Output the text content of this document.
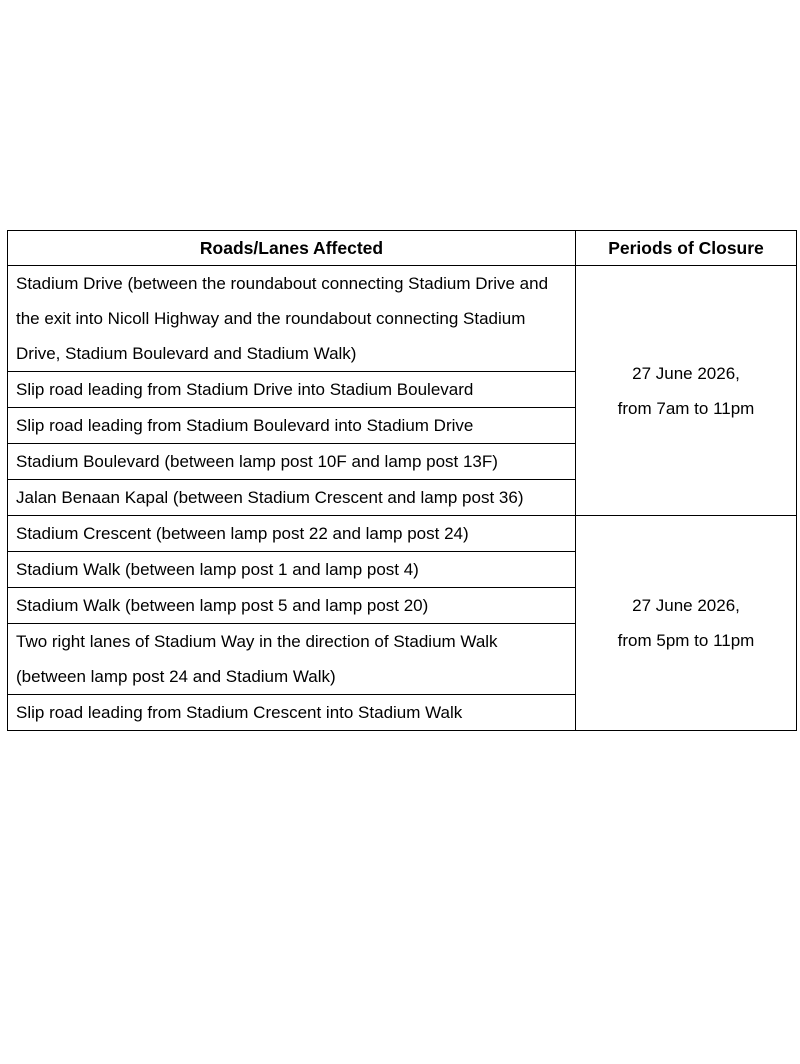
Roads/Lanes Affected	Periods of Closure
Stadium Drive (between the roundabout connecting Stadium Drive and the exit into Nicoll Highway and the roundabout connecting Stadium Drive, Stadium Boulevard and Stadium Walk)	27 June 2026,
from 7am to 11pm

Slip road leading from Stadium Drive into Stadium Boulevard	
Slip road leading from Stadium Boulevard into Stadium Drive	
Stadium Boulevard (between lamp post 10F and lamp post 13F)	
Jalan Benaan Kapal (between Stadium Crescent and lamp post 36)	
Stadium Crescent (between lamp post 22 and lamp post 24)	27 June 2026,
from 5pm to 11pm

Stadium Walk (between lamp post 1 and lamp post 4)	
Stadium Walk (between lamp post 5 and lamp post 20)	
Two right lanes of Stadium Way in the direction of Stadium Walk (between lamp post 24 and Stadium Walk)	
Slip road leading from Stadium Crescent into Stadium Walk	
